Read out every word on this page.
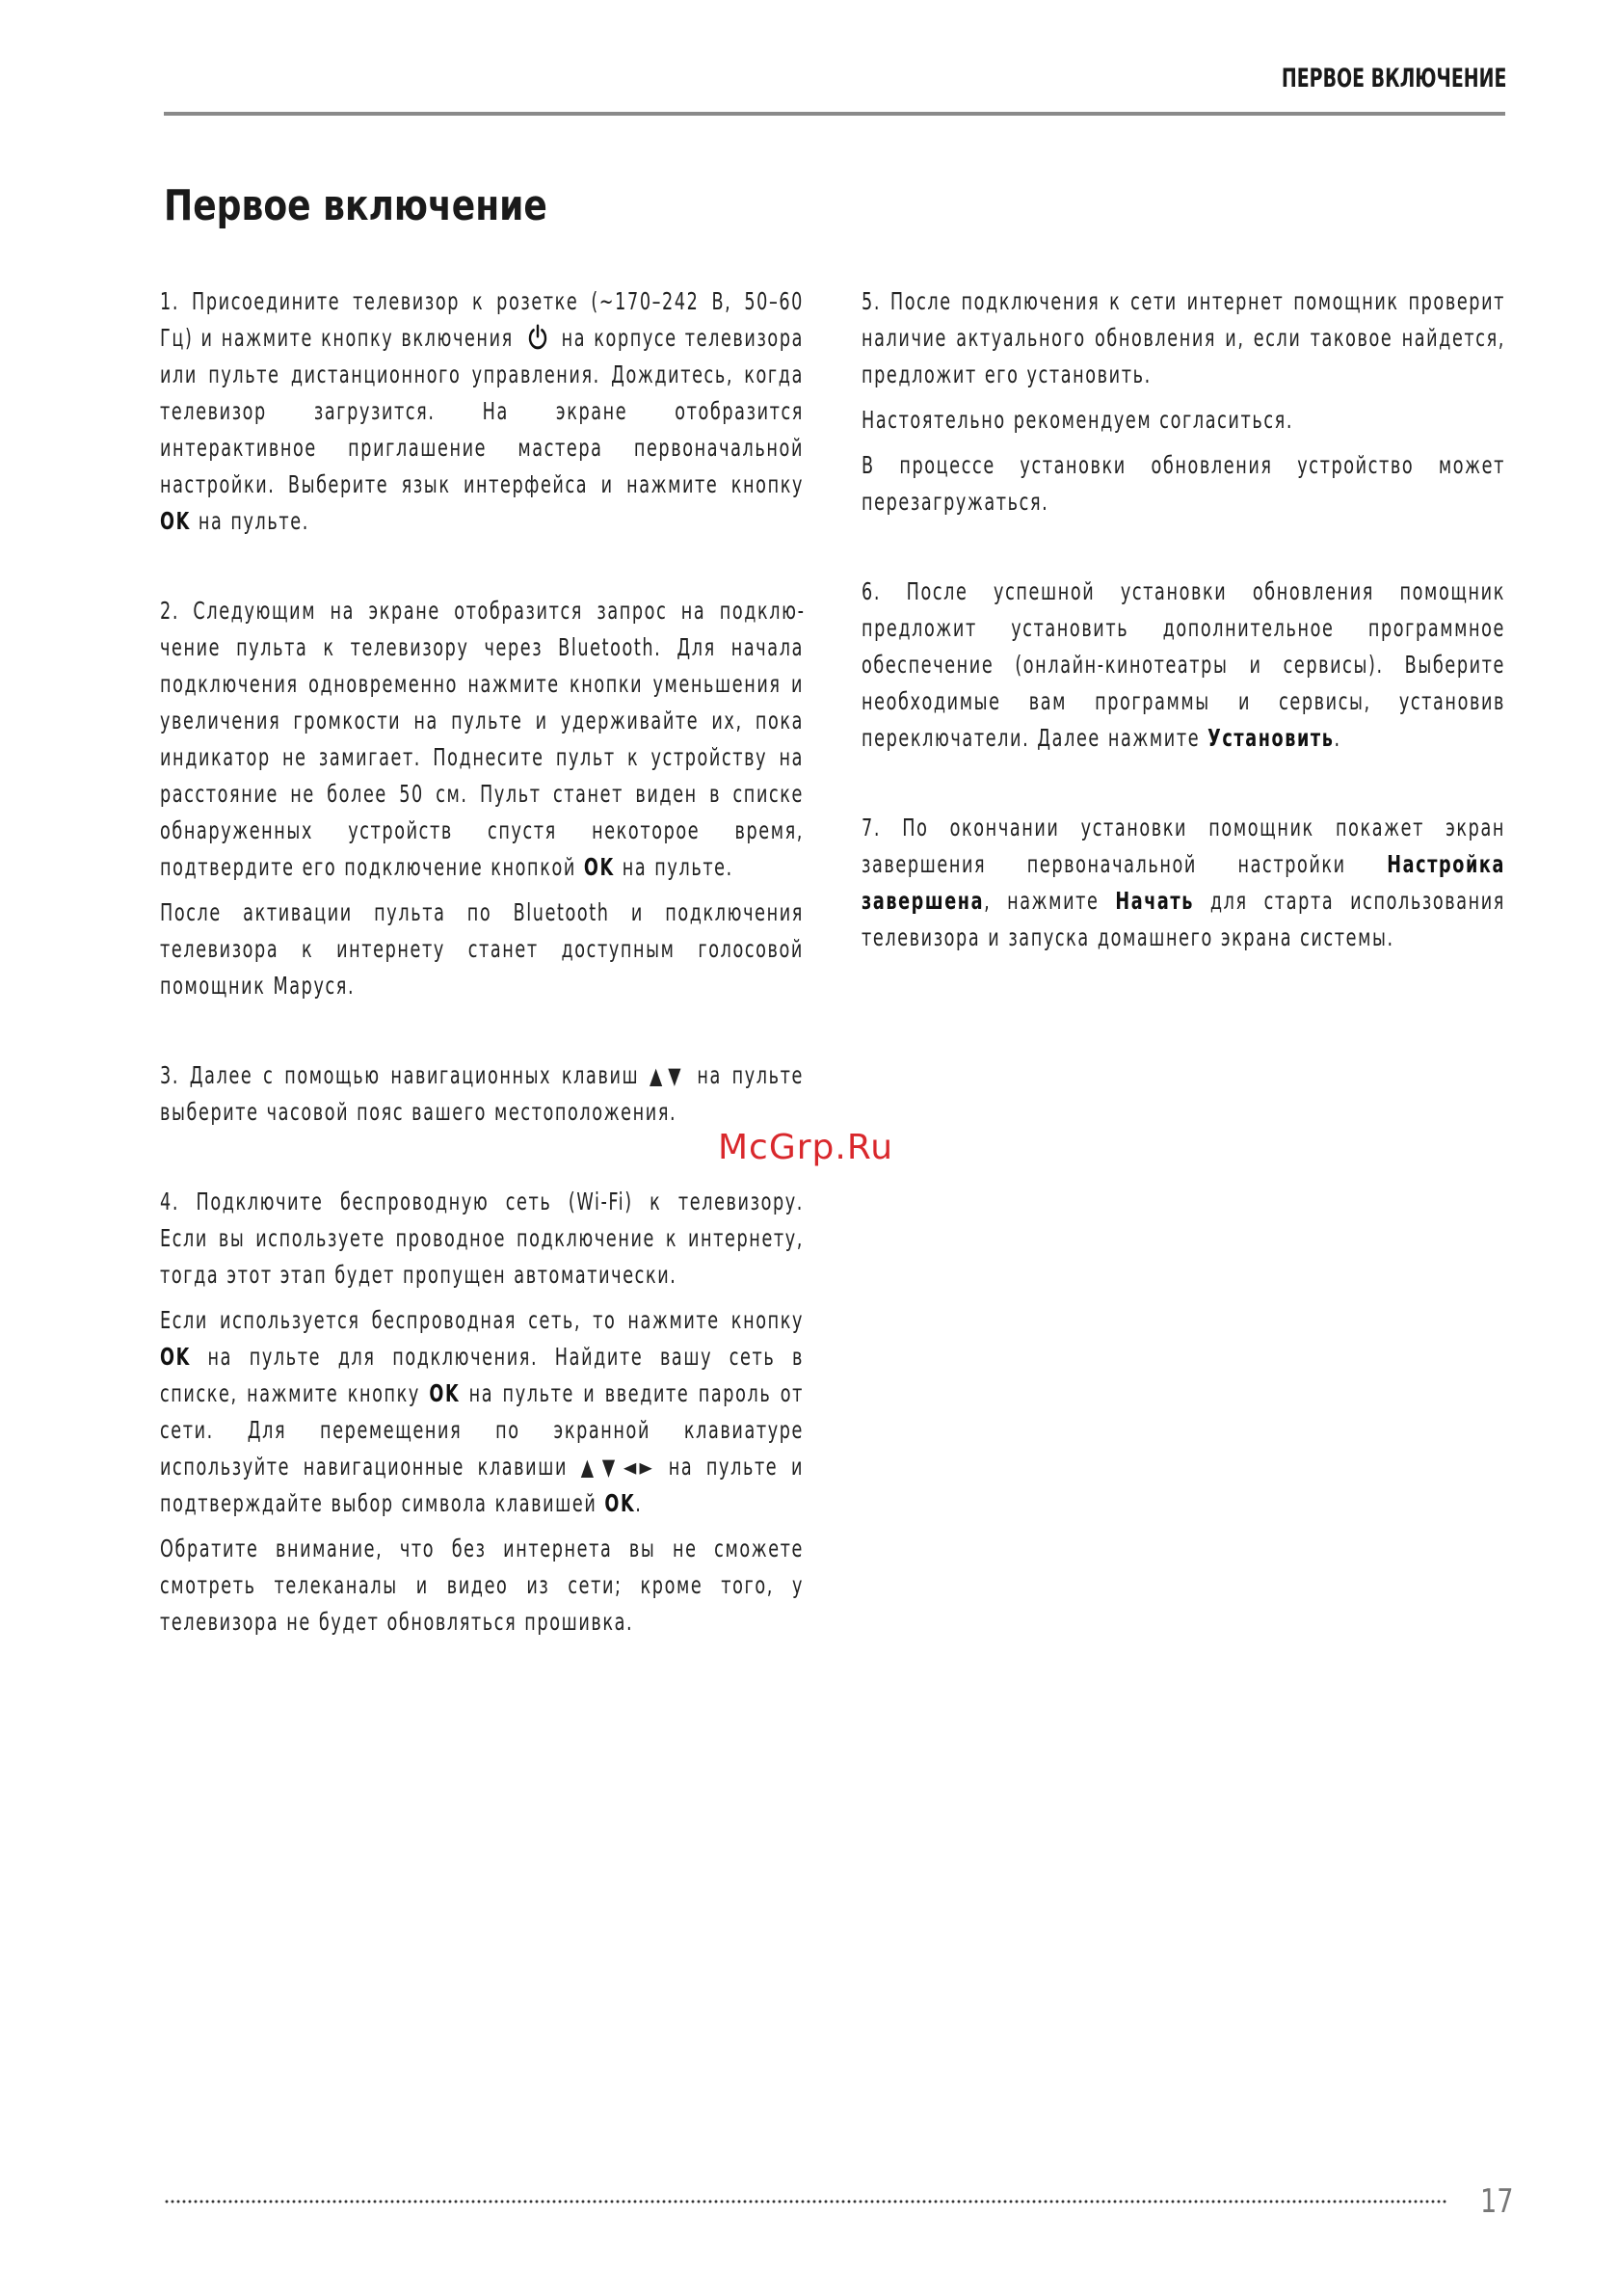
ПЕРВОЕ ВКЛЮЧЕНИЕ
Первое включение

1. Присоедините телевизор к розетке (~170–242 В, 50–60 Гц) и нажмите кнопку включения на корпусе телевизора или пульте дистанционного управления. Дождитесь, когда телевизор загрузится. На экране отобразится интерактивное приглашение мастера первоначальной настройки. Выберите язык интерфейса и нажмите кнопку OK на пульте.

2. Следующим на экране отобразится запрос на подключение пульта к телевизору через Bluetooth. Для начала подключения одновременно нажмите кнопки уменьшения и увеличения громкости на пульте и удерживайте их, пока индикатор не замигает. Поднесите пульт к устройству на расстояние не более 50 см. Пульт станет виден в списке обнаруженных устройств спустя некоторое время, подтвердите его подключение кнопкой OK на пульте.

После активации пульта по Bluetooth и подключения телевизора к интернету станет доступным голосовой помощник Маруся.

3. Далее с помощью навигационных клавиш ▲▼ на пульте выберите часовой пояс вашего местоположения.

4. Подключите беспроводную сеть (Wi-Fi) к телевизору. Если вы используете проводное подключение к интернету, тогда этот этап будет пропущен автоматически.

Если используется беспроводная сеть, то нажмите кнопку OK на пульте для подключения. Найдите вашу сеть в списке, нажмите кнопку OK на пульте и введите пароль от сети. Для перемещения по экранной клавиатуре используйте навигационные клавиши ▲▼◄► на пульте и подтверждайте выбор символа клавишей OK.

Обратите внимание, что без интернета вы не сможете смотреть телеканалы и видео из сети; кроме того, у телевизора не будет обновляться прошивка.

5. После подключения к сети интернет помощник проверит наличие актуального обновления и, если таковое найдется, предложит его установить.

Настоятельно рекомендуем согласиться.

В процессе установки обновления устройство может перезагружаться.

6. После успешной установки обновления помощник предложит установить дополнительное программное обеспечение (онлайн-кинотеатры и сервисы). Выберите необходимые вам программы и сервисы, установив переключатели. Далее нажмите Установить.

7. По окончании установки помощник покажет экран завершения первоначальной настройки Настройка завершена, нажмите Начать для старта использования телевизора и запуска домашнего экрана системы.

McGrp.Ru
17
